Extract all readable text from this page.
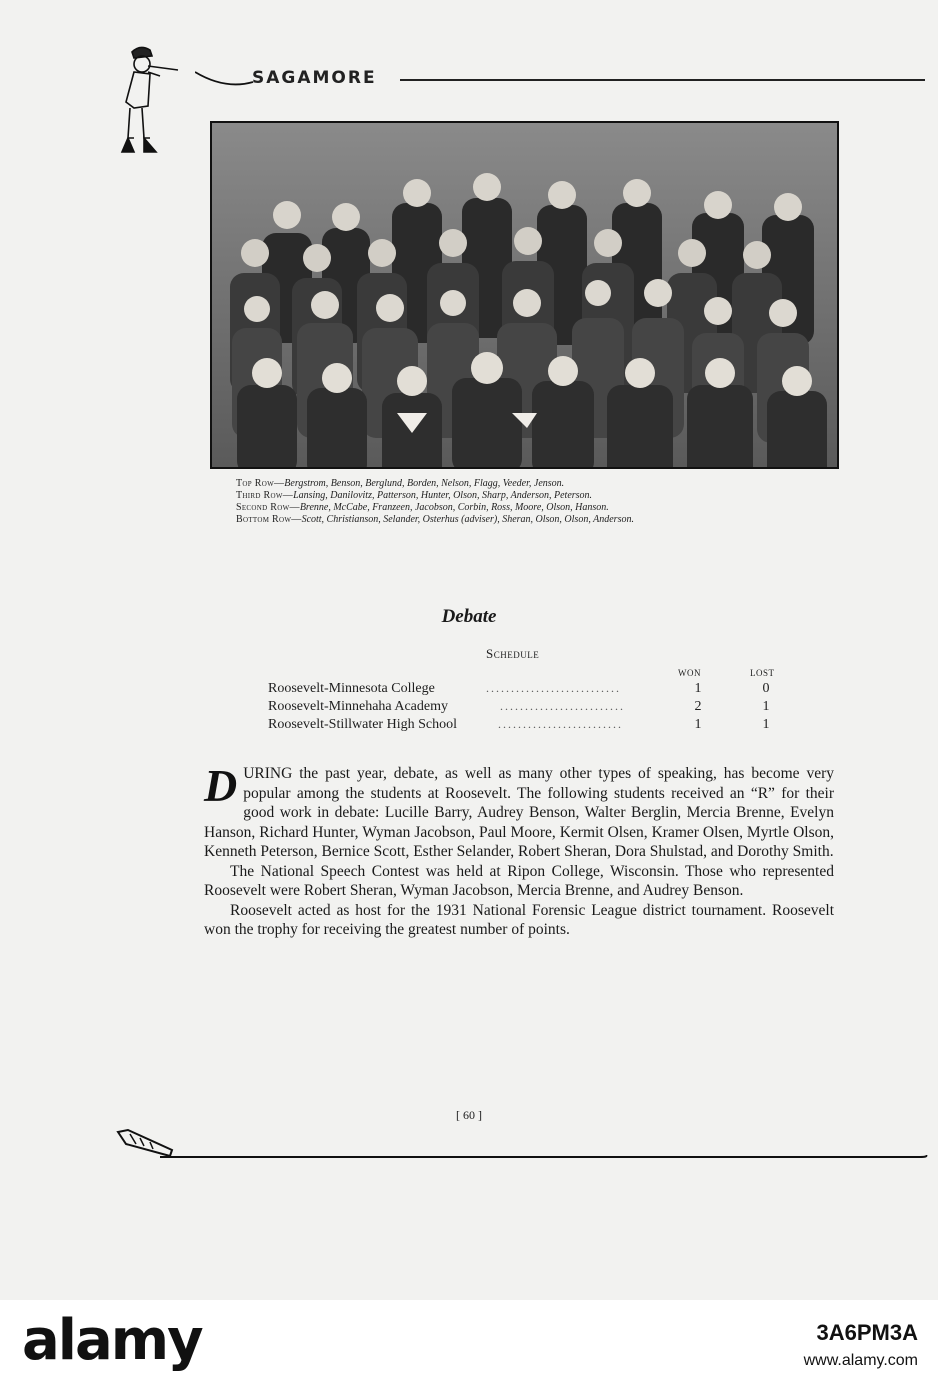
SAGAMORE
Top Row—Bergstrom, Benson, Berglund, Borden, Nelson, Flagg, Veeder, Jenson.
Third Row—Lansing, Danilovitz, Patterson, Hunter, Olson, Sharp, Anderson, Peterson.
Second Row—Brenne, McCabe, Franzeen, Jacobson, Corbin, Ross, Moore, Olson, Hanson.
Bottom Row—Scott, Christianson, Selander, Osterhus (adviser), Sheran, Olson, Olson, Anderson.
Debate
Schedule
WON	LOST
Roosevelt-Minnesota College	...........................	1	0
Roosevelt-Minnehaha Academy	.........................	2	1
Roosevelt-Stillwater High School	.........................	1	1

DURING the past year, debate, as well as many other types of speaking, has become very popular among the students at Roosevelt. The following students received an “R” for their good work in debate: Lucille Barry, Audrey Benson, Walter Berglin, Mercia Brenne, Evelyn Hanson, Richard Hunter, Wyman Jacobson, Paul Moore, Kermit Olsen, Kramer Olsen, Myrtle Olson, Kenneth Peterson, Bernice Scott, Esther Selander, Robert Sheran, Dora Shulstad, and Dorothy Smith.

The National Speech Contest was held at Ripon College, Wisconsin. Those who represented Roosevelt were Robert Sheran, Wyman Jacobson, Mercia Brenne, and Audrey Benson.

Roosevelt acted as host for the 1931 National Forensic League district tournament. Roosevelt won the trophy for receiving the greatest number of points.

[ 60 ]
alamy	3A6PM3A
www.alamy.com
